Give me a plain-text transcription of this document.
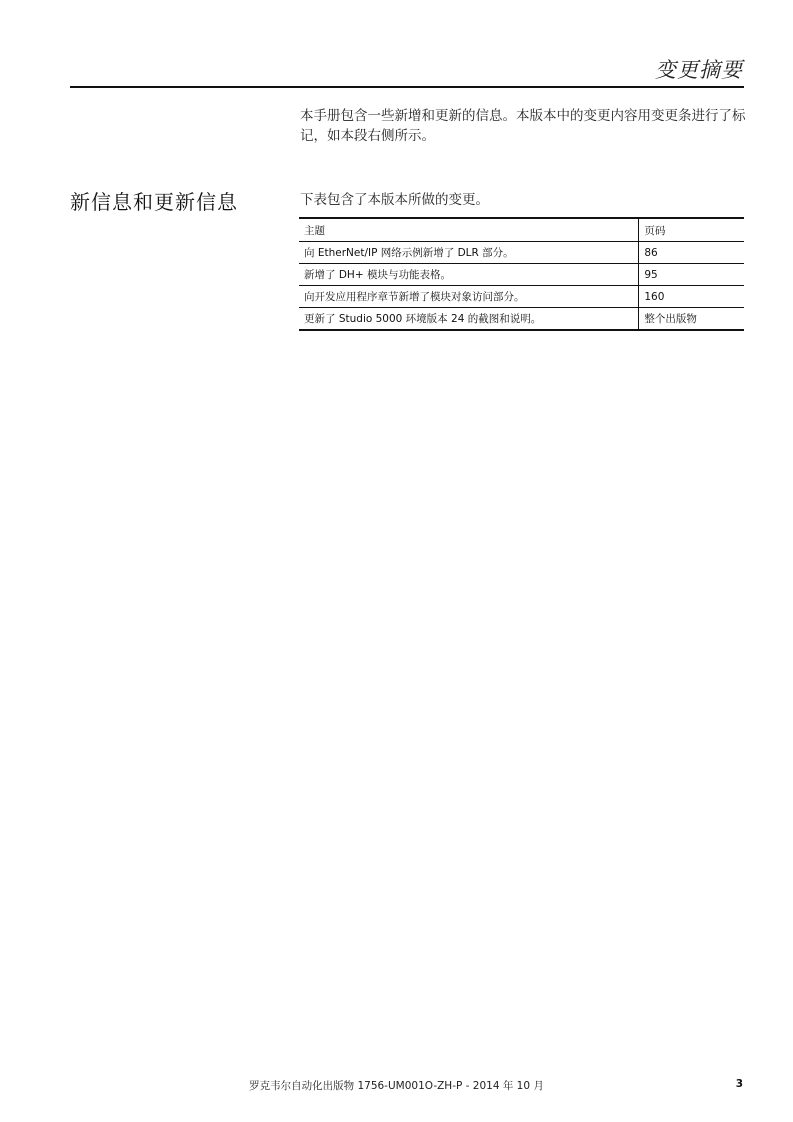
变更摘要
本手册包含一些新增和更新的信息。本版本中的变更内容用变更条进行了标记，如本段右侧所示。
新信息和更新信息	下表包含了本版本所做的变更。
主题	页码
向 EtherNet/IP 网络示例新增了 DLR 部分。	86
新增了 DH+ 模块与功能表格。	95
向开发应用程序章节新增了模块对象访问部分。	160
更新了 Studio 5000 环境版本 24 的截图和说明。	整个出版物
罗克韦尔自动化出版物 1756-UM001O-ZH-P - 2014 年 10 月	3
